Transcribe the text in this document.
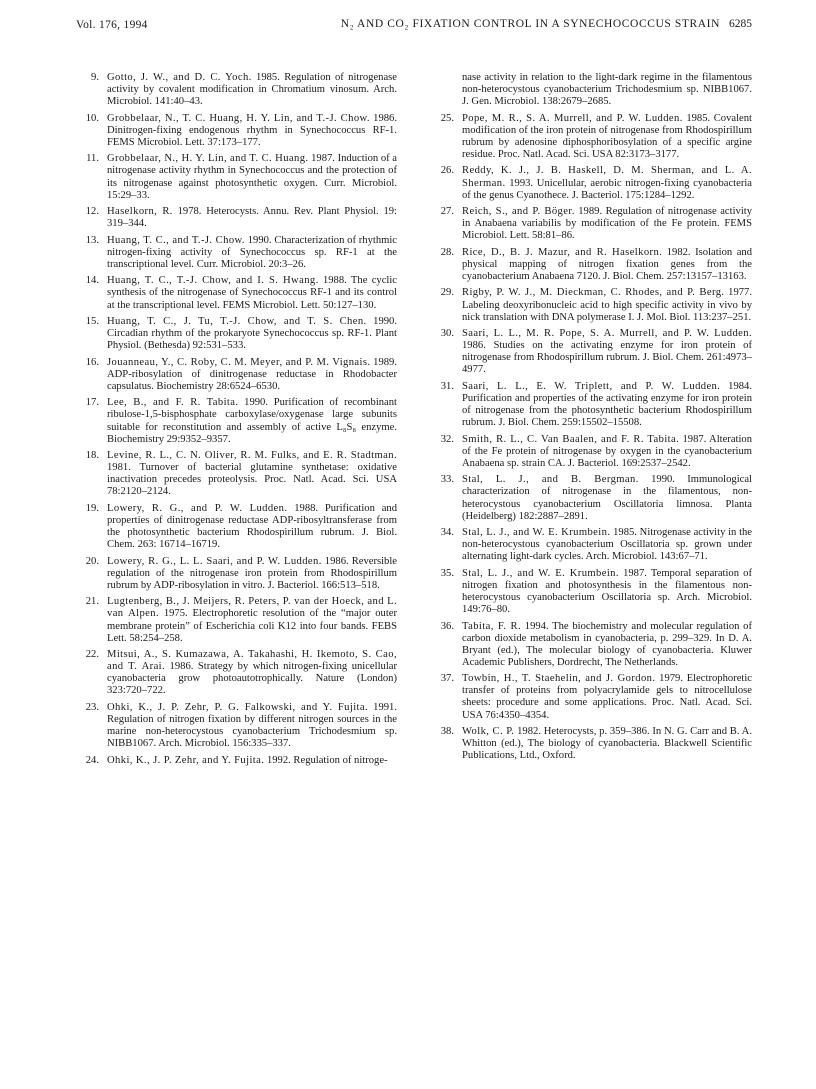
Vol. 176, 1994	N₂ AND CO₂ FIXATION CONTROL IN A SYNECHOCOCCUS STRAIN 6285

9. Gotto, J. W., and D. C. Yoch. 1985. Regulation of nitrogenase activity by covalent modification in Chromatium vinosum. Arch. Microbiol. 141:40–43.

10. Grobbelaar, N., T. C. Huang, H. Y. Lin, and T.-J. Chow. 1986. Dinitrogen-fixing endogenous rhythm in Synechococcus RF-1. FEMS Microbiol. Lett. 37:173–177.

11. Grobbelaar, N., H. Y. Lin, and T. C. Huang. 1987. Induction of a nitrogenase activity rhythm in Synechococcus and the protection of its nitrogenase against photosynthetic oxygen. Curr. Microbiol. 15:29–33.

12. Haselkorn, R. 1978. Heterocysts. Annu. Rev. Plant Physiol. 19: 319–344.

13. Huang, T. C., and T.-J. Chow. 1990. Characterization of rhythmic nitrogen-fixing activity of Synechococcus sp. RF-1 at the transcriptional level. Curr. Microbiol. 20:3–26.

14. Huang, T. C., T.-J. Chow, and I. S. Hwang. 1988. The cyclic synthesis of the nitrogenase of Synechococcus RF-1 and its control at the transcriptional level. FEMS Microbiol. Lett. 50:127–130.

15. Huang, T. C., J. Tu, T.-J. Chow, and T. S. Chen. 1990. Circadian rhythm of the prokaryote Synechococcus sp. RF-1. Plant Physiol. (Bethesda) 92:531–533.

16. Jouanneau, Y., C. Roby, C. M. Meyer, and P. M. Vignais. 1989. ADP-ribosylation of dinitrogenase reductase in Rhodobacter capsulatus. Biochemistry 28:6524–6530.

17. Lee, B., and F. R. Tabita. 1990. Purification of recombinant ribulose-1,5-bisphosphate carboxylase/oxygenase large subunits suitable for reconstitution and assembly of active L₈S₈ enzyme. Biochemistry 29:9352–9357.

18. Levine, R. L., C. N. Oliver, R. M. Fulks, and E. R. Stadtman. 1981. Turnover of bacterial glutamine synthetase: oxidative inactivation precedes proteolysis. Proc. Natl. Acad. Sci. USA 78:2120–2124.

19. Lowery, R. G., and P. W. Ludden. 1988. Purification and properties of dinitrogenase reductase ADP-ribosyltransferase from the photosynthetic bacterium Rhodospirillum rubrum. J. Biol. Chem. 263: 16714–16719.

20. Lowery, R. G., L. L. Saari, and P. W. Ludden. 1986. Reversible regulation of the nitrogenase iron protein from Rhodospirillum rubrum by ADP-ribosylation in vitro. J. Bacteriol. 166:513–518.

21. Lugtenberg, B., J. Meijers, R. Peters, P. van der Hoeck, and L. van Alpen. 1975. Electrophoretic resolution of the “major outer membrane protein” of Escherichia coli K12 into four bands. FEBS Lett. 58:254–258.

22. Mitsui, A., S. Kumazawa, A. Takahashi, H. Ikemoto, S. Cao, and T. Arai. 1986. Strategy by which nitrogen-fixing unicellular cyanobacteria grow photoautotrophically. Nature (London) 323:720–722.

23. Ohki, K., J. P. Zehr, P. G. Falkowski, and Y. Fujita. 1991. Regulation of nitrogen fixation by different nitrogen sources in the marine non-heterocystous cyanobacterium Trichodesmium sp. NIBB1067. Arch. Microbiol. 156:335–337.

24. Ohki, K., J. P. Zehr, and Y. Fujita. 1992. Regulation of nitroge-

nase activity in relation to the light-dark regime in the filamentous non-heterocystous cyanobacterium Trichodesmium sp. NIBB1067. J. Gen. Microbiol. 138:2679–2685.

25. Pope, M. R., S. A. Murrell, and P. W. Ludden. 1985. Covalent modification of the iron protein of nitrogenase from Rhodospirillum rubrum by adenosine diphosphoribosylation of a specific argine residue. Proc. Natl. Acad. Sci. USA 82:3173–3177.

26. Reddy, K. J., J. B. Haskell, D. M. Sherman, and L. A. Sherman. 1993. Unicellular, aerobic nitrogen-fixing cyanobacteria of the genus Cyanothece. J. Bacteriol. 175:1284–1292.

27. Reich, S., and P. Böger. 1989. Regulation of nitrogenase activity in Anabaena variabilis by modification of the Fe protein. FEMS Microbiol. Lett. 58:81–86.

28. Rice, D., B. J. Mazur, and R. Haselkorn. 1982. Isolation and physical mapping of nitrogen fixation genes from the cyanobacterium Anabaena 7120. J. Biol. Chem. 257:13157–13163.

29. Rigby, P. W. J., M. Dieckman, C. Rhodes, and P. Berg. 1977. Labeling deoxyribonucleic acid to high specific activity in vivo by nick translation with DNA polymerase I. J. Mol. Biol. 113:237–251.

30. Saari, L. L., M. R. Pope, S. A. Murrell, and P. W. Ludden. 1986. Studies on the activating enzyme for iron protein of nitrogenase from Rhodospirillum rubrum. J. Biol. Chem. 261:4973–4977.

31. Saari, L. L., E. W. Triplett, and P. W. Ludden. 1984. Purification and properties of the activating enzyme for iron protein of nitrogenase from the photosynthetic bacterium Rhodospirillum rubrum. J. Biol. Chem. 259:15502–15508.

32. Smith, R. L., C. Van Baalen, and F. R. Tabita. 1987. Alteration of the Fe protein of nitrogenase by oxygen in the cyanobacterium Anabaena sp. strain CA. J. Bacteriol. 169:2537–2542.

33. Stal, L. J., and B. Bergman. 1990. Immunological characterization of nitrogenase in the filamentous, non-heterocystous cyanobacterium Oscillatoria limnosa. Planta (Heidelberg) 182:2887–2891.

34. Stal, L. J., and W. E. Krumbein. 1985. Nitrogenase activity in the non-heterocystous cyanobacterium Oscillatoria sp. grown under alternating light-dark cycles. Arch. Microbiol. 143:67–71.

35. Stal, L. J., and W. E. Krumbein. 1987. Temporal separation of nitrogen fixation and photosynthesis in the filamentous non-heterocystous cyanobacterium Oscillatoria sp. Arch. Microbiol. 149:76–80.

36. Tabita, F. R. 1994. The biochemistry and molecular regulation of carbon dioxide metabolism in cyanobacteria, p. 299–329. In D. A. Bryant (ed.), The molecular biology of cyanobacteria. Kluwer Academic Publishers, Dordrecht, The Netherlands.

37. Towbin, H., T. Staehelin, and J. Gordon. 1979. Electrophoretic transfer of proteins from polyacrylamide gels to nitrocellulose sheets: procedure and some applications. Proc. Natl. Acad. Sci. USA 76:4350–4354.

38. Wolk, C. P. 1982. Heterocysts, p. 359–386. In N. G. Carr and B. A. Whitton (ed.), The biology of cyanobacteria. Blackwell Scientific Publications, Ltd., Oxford.
